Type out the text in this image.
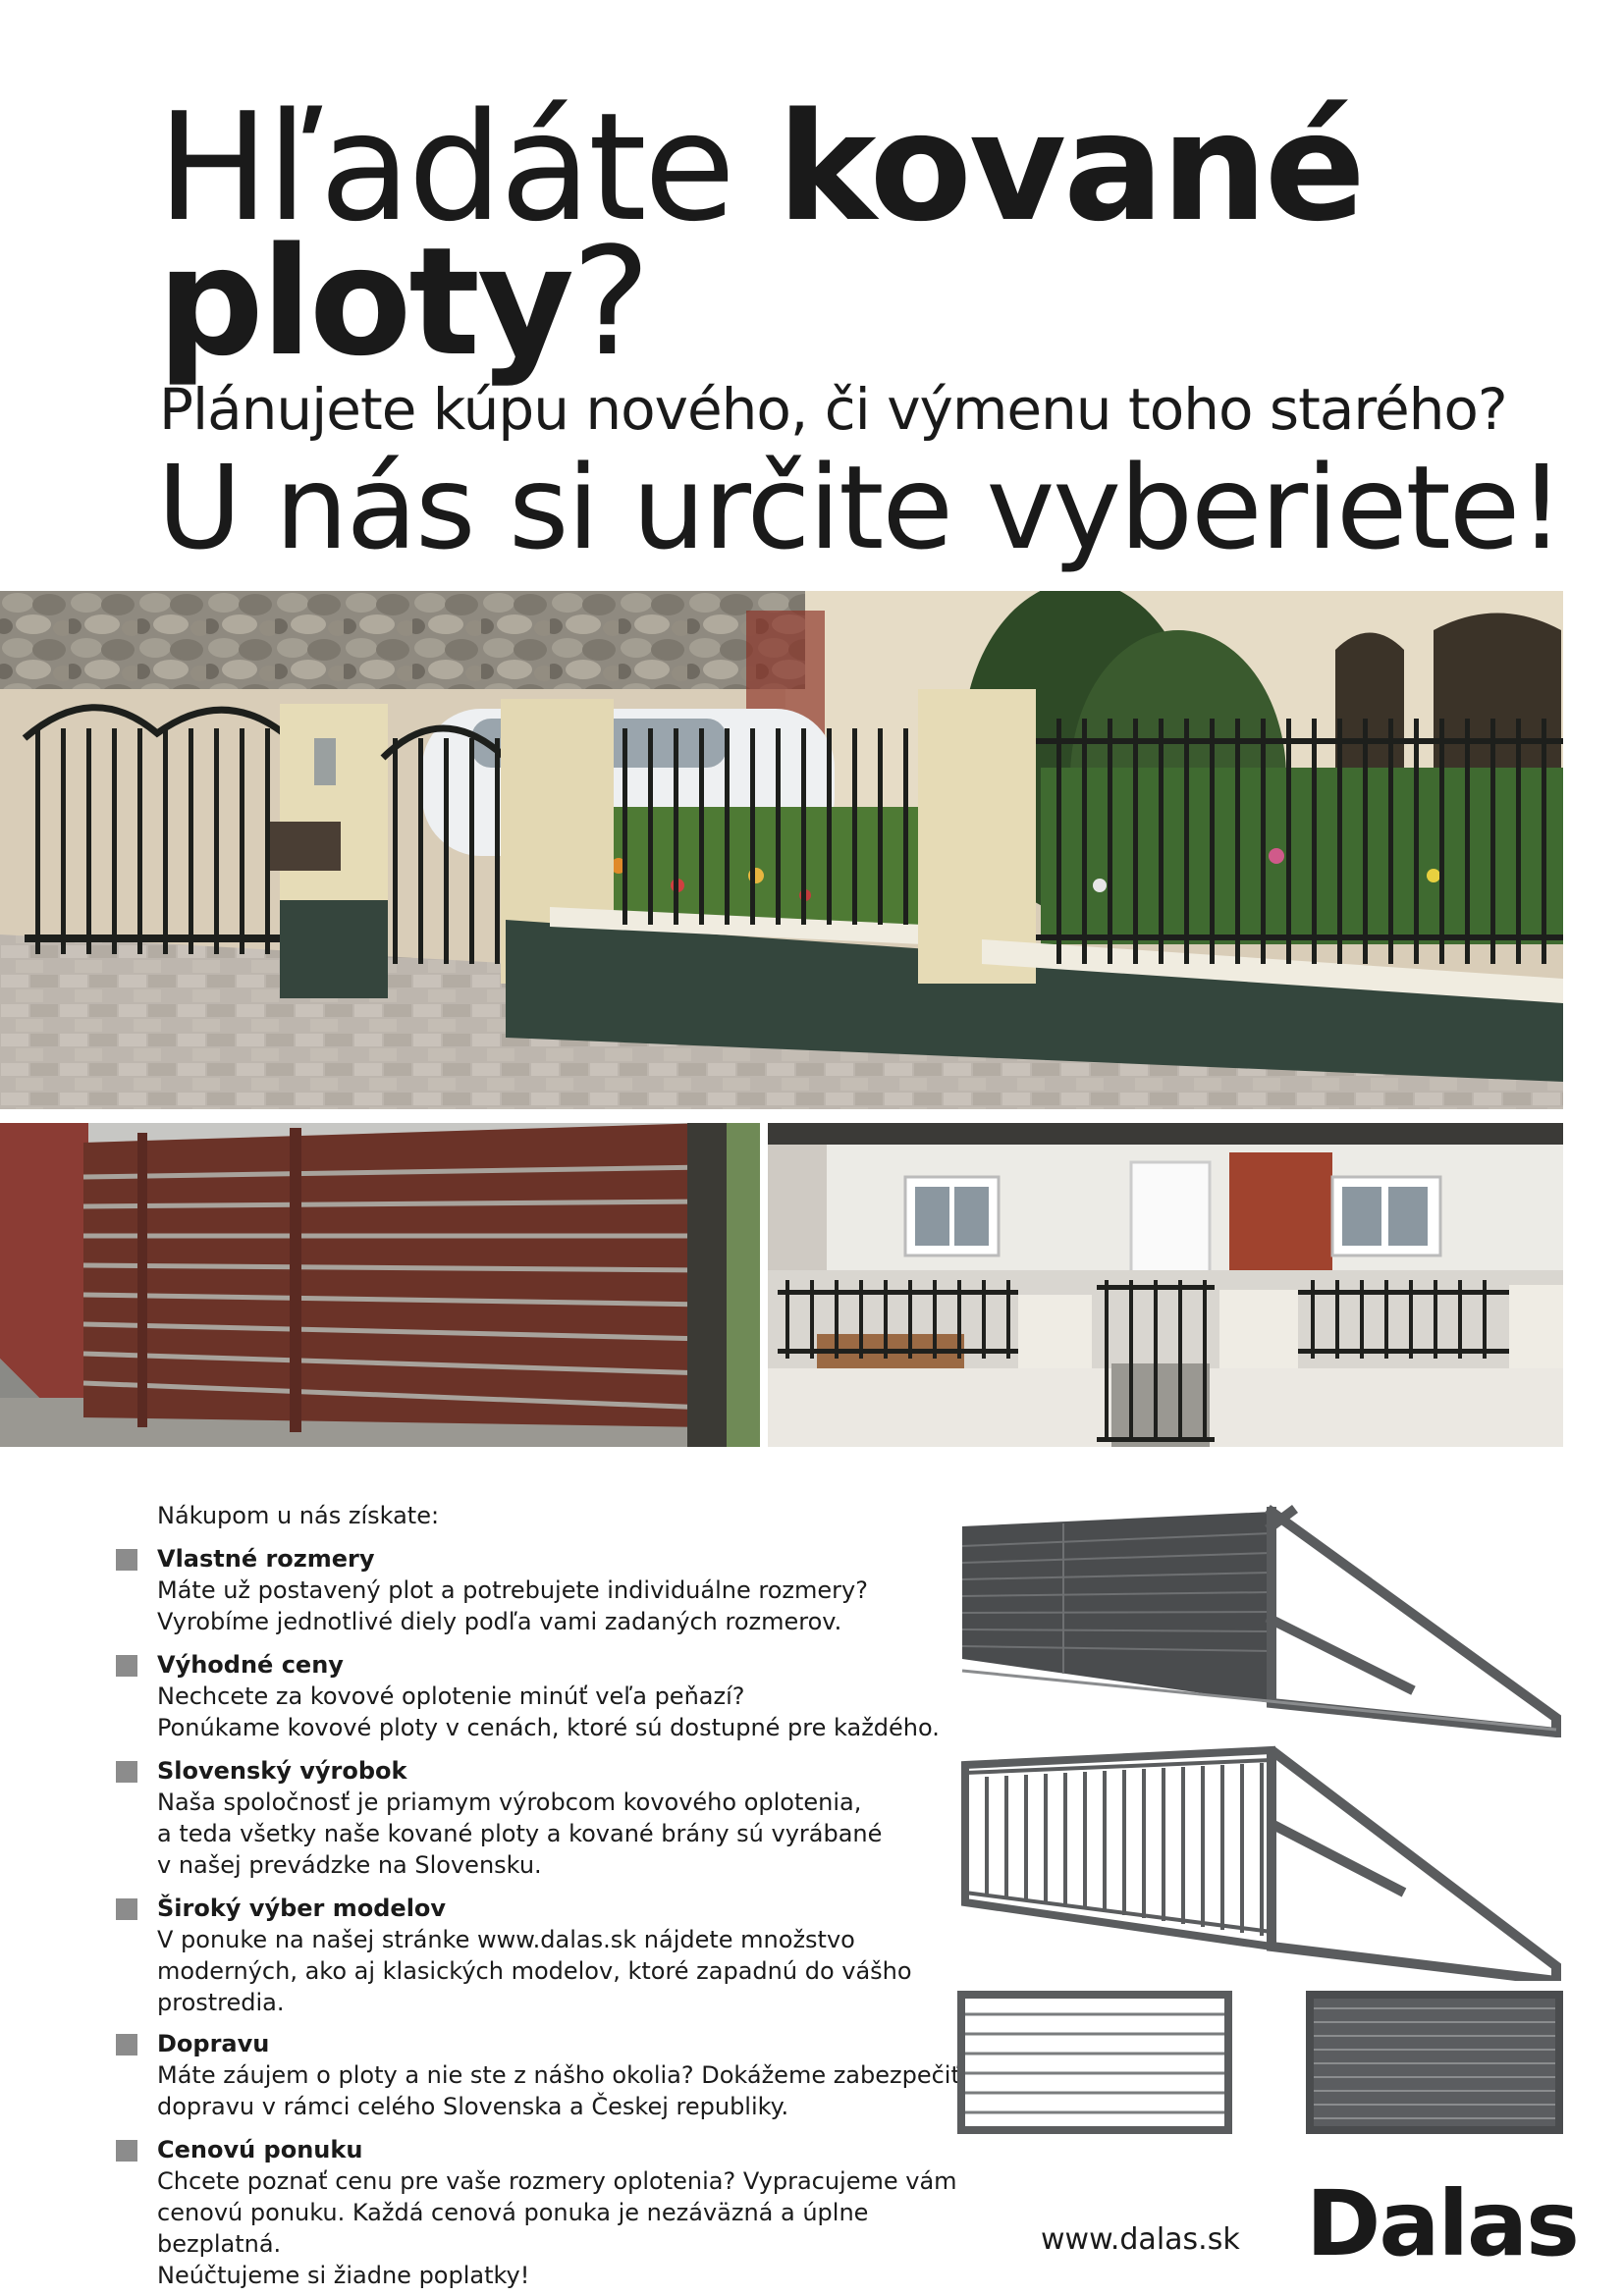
Hľadáte kované
ploty?
Plánujete kúpu nového, či výmenu toho starého?
U nás si určite vyberiete!
Nákupom u nás získate:
Vlastné rozmery
Máte už postavený plot a potrebujete individuálne rozmery?
Vyrobíme jednotlivé diely podľa vami zadaných rozmerov.
Výhodné ceny
Nechcete za kovové oplotenie minúť veľa peňazí?
Ponúkame kovové ploty v cenách, ktoré sú dostupné pre každého.
Slovenský výrobok
Naša spoločnosť je priamym výrobcom kovového oplotenia,
a teda všetky naše kované ploty a kované brány sú vyrábané
v našej prevádzke na Slovensku.
Široký výber modelov
V ponuke na našej stránke www.dalas.sk nájdete množstvo
moderných, ako aj klasických modelov, ktoré zapadnú do vášho
prostredia.
Dopravu
Máte záujem o ploty a nie ste z nášho okolia? Dokážeme zabezpečiť
dopravu v rámci celého Slovenska a Českej republiky.
Cenovú ponuku
Chcete poznať cenu pre vaše rozmery oplotenia? Vypracujeme vám
cenovú ponuku. Každá cenová ponuka je nezáväzná a úplne bezplatná.
Neúčtujeme si žiadne poplatky!
www.dalas.sk Dalas
